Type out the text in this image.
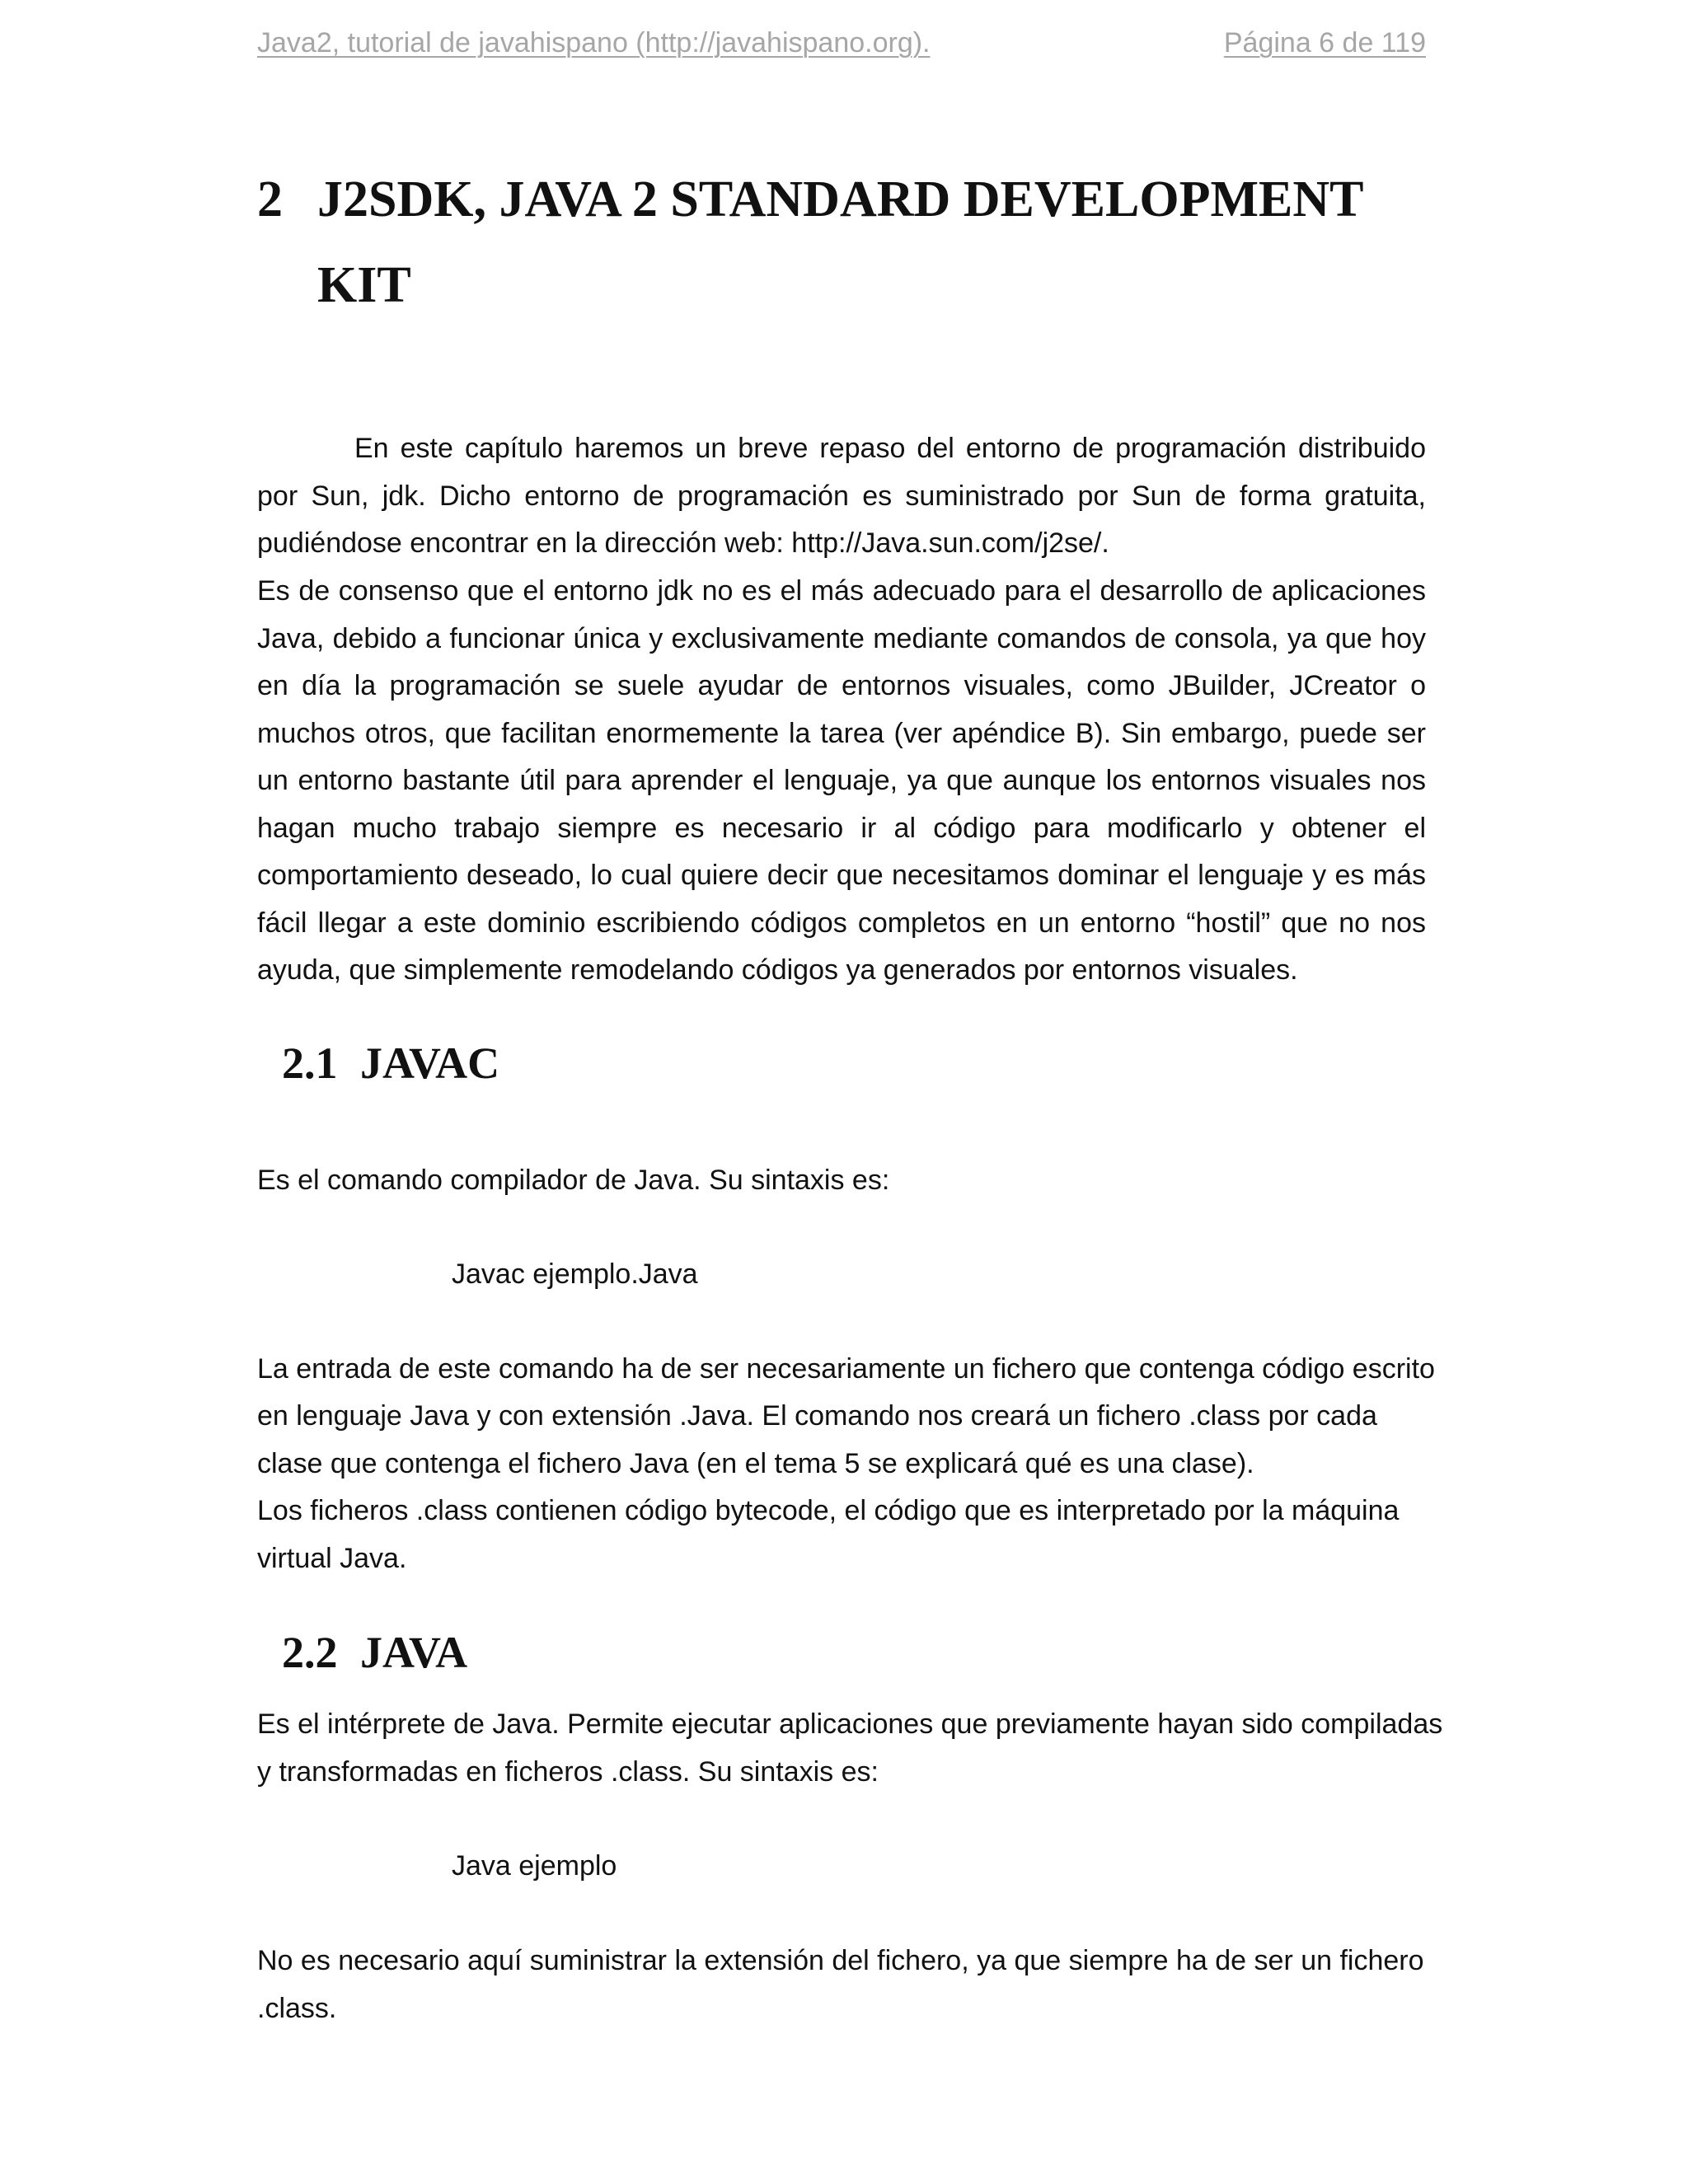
Java2, tutorial de javahispano (http://javahispano.org).	Página 6 de 119
2 J2SDK, JAVA 2 STANDARD DEVELOPMENT KIT

En este capítulo haremos un breve repaso del entorno de programación distribuido por Sun, jdk. Dicho entorno de programación es suministrado por Sun de forma gratuita, pudiéndose encontrar en la dirección web: http://Java.sun.com/j2se/.

Es de consenso que el entorno jdk no es el más adecuado para el desarrollo de aplicaciones Java, debido a funcionar única y exclusivamente mediante comandos de consola, ya que hoy en día la programación se suele ayudar de entornos visuales, como JBuilder, JCreator o muchos otros, que facilitan enormemente la tarea (ver apéndice B). Sin embargo, puede ser un entorno bastante útil para aprender el lenguaje, ya que aunque los entornos visuales nos hagan mucho trabajo siempre es necesario ir al código para modificarlo y obtener el comportamiento deseado, lo cual quiere decir que necesitamos dominar el lenguaje y es más fácil llegar a este dominio escribiendo códigos completos en un entorno “hostil” que no nos ayuda, que simplemente remodelando códigos ya generados por entornos visuales.

2.1 JAVAC

Es el comando compilador de Java. Su sintaxis es:

Javac ejemplo.Java

La entrada de este comando ha de ser necesariamente un fichero que contenga código escrito

en lenguaje Java y con extensión .Java. El comando nos creará un fichero .class por cada

clase que contenga el fichero Java (en el tema 5 se explicará qué es una clase).

Los ficheros .class contienen código bytecode, el código que es interpretado por la máquina

virtual Java.

2.2 JAVA

Es el intérprete de Java. Permite ejecutar aplicaciones que previamente hayan sido compiladas

y transformadas en ficheros .class. Su sintaxis es:

Java ejemplo

No es necesario aquí suministrar la extensión del fichero, ya que siempre ha de ser un fichero

.class.
